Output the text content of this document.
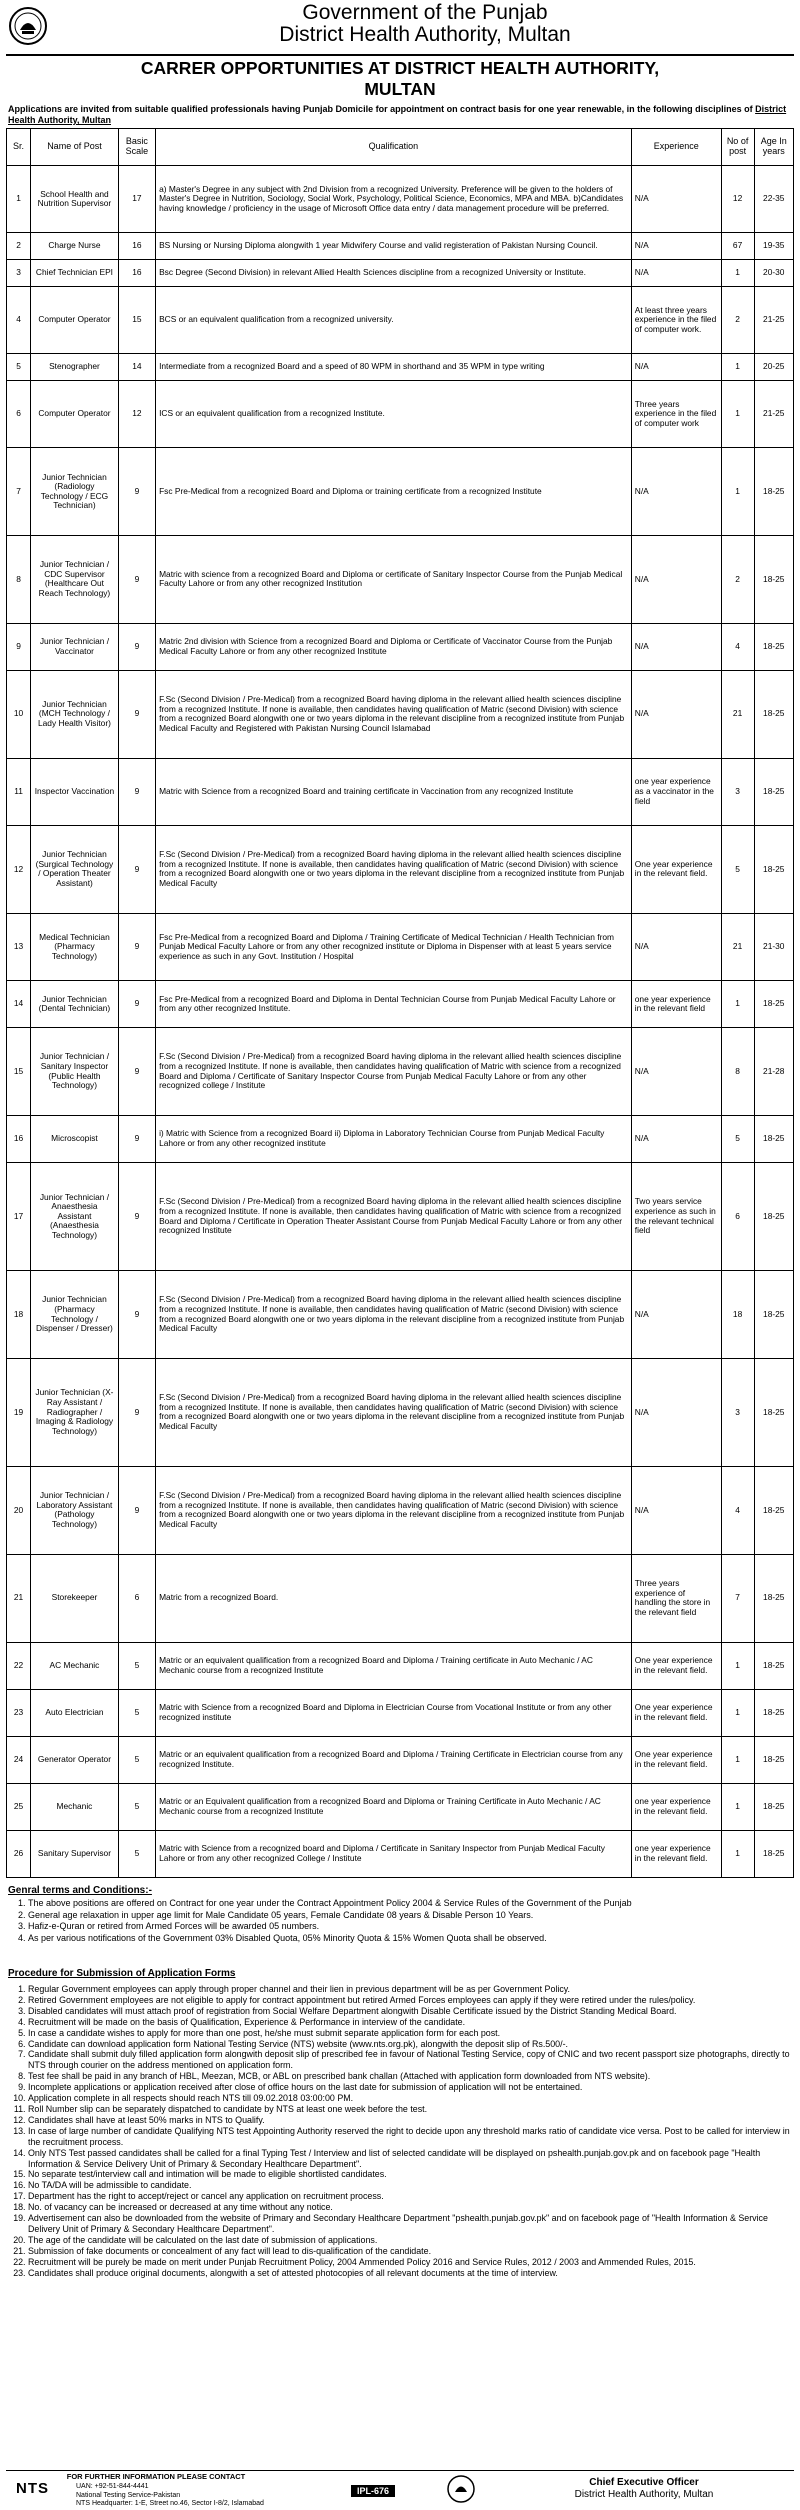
Government of the Punjab
District Health Authority, Multan
CARRER OPPORTUNITIES AT DISTRICT HEALTH AUTHORITY,
MULTAN
Applications are invited from suitable qualified professionals having Punjab Domicile for appointment on contract basis for one year renewable, in the following disciplines of District Health Authority, Multan
Sr.	Name of Post	Basic Scale	Qualification	Experience	No of post	Age In years
1	School Health and Nutrition Supervisor	17	a) Master's Degree in any subject with 2nd Division from a recognized University. Preference will be given to the holders of Master's Degree in Nutrition, Sociology, Social Work, Psychology, Political Science, Economics, MPA and MBA. b)Candidates having knowledge / proficiency in the usage of Microsoft Office data entry / data management procedure will be preferred.	N/A	12	22-35
2	Charge Nurse	16	BS Nursing or Nursing Diploma alongwith 1 year Midwifery Course and valid registeration of Pakistan Nursing Council.	N/A	67	19-35
3	Chief Technician EPI	16	Bsc Degree (Second Division) in relevant Allied Health Sciences discipline from a recognized University or Institute.	N/A	1	20-30
4	Computer Operator	15	BCS or an equivalent qualification from a recognized university.	At least three years experience in the filed of computer work.	2	21-25
5	Stenographer	14	Intermediate from a recognized Board and a speed of 80 WPM in shorthand and 35 WPM in type writing	N/A	1	20-25
6	Computer Operator	12	ICS or an equivalent qualification from a recognized Institute.	Three years experience in the filed of computer work	1	21-25
7	Junior Technician (Radiology Technology / ECG Technician)	9	Fsc Pre-Medical from a recognized Board and Diploma or training certificate from a recognized Institute	N/A	1	18-25
8	Junior Technician / CDC Supervisor (Healthcare Out Reach Technology)	9	Matric with science from a recognized Board and Diploma or certificate of Sanitary Inspector Course from the Punjab Medical Faculty Lahore or from any other recognized Institution	N/A	2	18-25
9	Junior Technician / Vaccinator	9	Matric 2nd division with Science from a recognized Board and Diploma or Certificate of Vaccinator Course from the Punjab Medical Faculty Lahore or from any other recognized Institute	N/A	4	18-25
10	Junior Technician (MCH Technology / Lady Health Visitor)	9	F.Sc (Second Division / Pre-Medical) from a recognized Board having diploma in the relevant allied health sciences discipline from a recognized Institute. If none is available, then candidates having qualification of Matric (second Division) with science from a recognized Board alongwith one or two years diploma in the relevant discipline from a recognized institute from Punjab Medical Faculty and Registered with Pakistan Nursing Council Islamabad	N/A	21	18-25
11	Inspector Vaccination	9	Matric with Science from a recognized Board and training certificate in Vaccination from any recognized Institute	one year experience as a vaccinator in the field	3	18-25
12	Junior Technician (Surgical Technology / Operation Theater Assistant)	9	F.Sc (Second Division / Pre-Medical) from a recognized Board having diploma in the relevant allied health sciences discipline from a recognized Institute. If none is available, then candidates having qualification of Matric (second Division) with science from a recognized Board alongwith one or two years diploma in the relevant discipline from a recognized institute from Punjab Medical Faculty	One year experience in the relevant field.	5	18-25
13	Medical Technician (Pharmacy Technology)	9	Fsc Pre-Medical from a recognized Board and Diploma / Training Certificate of Medical Technician / Health Technician from Punjab Medical Faculty Lahore or from any other recognized institute or Diploma in Dispenser with at least 5 years service experience as such in any Govt. Institution / Hospital	N/A	21	21-30
14	Junior Technician (Dental Technician)	9	Fsc Pre-Medical from a recognized Board and Diploma in Dental Technician Course from Punjab Medical Faculty Lahore or from any other recognized Institute.	one year experience in the relevant field	1	18-25
15	Junior Technician / Sanitary Inspector (Public Health Technology)	9	F.Sc (Second Division / Pre-Medical) from a recognized Board having diploma in the relevant allied health sciences discipline from a recognized Institute. If none is available, then candidates having qualification of Matric with science from a recognized Board and Diploma / Certificate of Sanitary Inspector Course from Punjab Medical Faculty Lahore or from any other recognized college / Institute	N/A	8	21-28
16	Microscopist	9	i) Matric with Science from a recognized Board ii) Diploma in Laboratory Technician Course from Punjab Medical Faculty Lahore or from any other recognized institute	N/A	5	18-25
17	Junior Technician / Anaesthesia Assistant (Anaesthesia Technology)	9	F.Sc (Second Division / Pre-Medical) from a recognized Board having diploma in the relevant allied health sciences discipline from a recognized Institute. If none is available, then candidates having qualification of Matric with science from a recognized Board and Diploma / Certificate in Operation Theater Assistant Course from Punjab Medical Faculty Lahore or from any other recognized Institute	Two years service experience as such in the relevant technical field	6	18-25
18	Junior Technician (Pharmacy Technology / Dispenser / Dresser)	9	F.Sc (Second Division / Pre-Medical) from a recognized Board having diploma in the relevant allied health sciences discipline from a recognized Institute. If none is available, then candidates having qualification of Matric (second Division) with science from a recognized Board alongwith one or two years diploma in the relevant discipline from a recognized institute from Punjab Medical Faculty	N/A	18	18-25
19	Junior Technician (X-Ray Assistant / Radiographer / Imaging & Radiology Technology)	9	F.Sc (Second Division / Pre-Medical) from a recognized Board having diploma in the relevant allied health sciences discipline from a recognized Institute. If none is available, then candidates having qualification of Matric (second Division) with science from a recognized Board alongwith one or two years diploma in the relevant discipline from a recognized institute from Punjab Medical Faculty	N/A	3	18-25
20	Junior Technician / Laboratory Assistant (Pathology Technology)	9	F.Sc (Second Division / Pre-Medical) from a recognized Board having diploma in the relevant allied health sciences discipline from a recognized Institute. If none is available, then candidates having qualification of Matric (second Division) with science from a recognized Board alongwith one or two years diploma in the relevant discipline from a recognized institute from Punjab Medical Faculty	N/A	4	18-25
21	Storekeeper	6	Matric from a recognized Board.	Three years experience of handling the store in the relevant field	7	18-25
22	AC Mechanic	5	Matric or an equivalent qualification from a recognized Board and Diploma / Training certificate in Auto Mechanic / AC Mechanic course from a recognized Institute	One year experience in the relevant field.	1	18-25
23	Auto Electrician	5	Matric with Science from a recognized Board and Diploma in Electrician Course from Vocational Institute or from any other recognized institute	One year experience in the relevant field.	1	18-25
24	Generator Operator	5	Matric or an equivalent qualification from a recognized Board and Diploma / Training Certificate in Electrician course from any recognized Institute.	One year experience in the relevant field.	1	18-25
25	Mechanic	5	Matric or an Equivalent qualification from a recognized Board and Diploma or Training Certificate in Auto Mechanic / AC Mechanic course from a recognized Institute	one year experience in the relevant field.	1	18-25
26	Sanitary Supervisor	5	Matric with Science from a recognized board and Diploma / Certificate in Sanitary Inspector from Punjab Medical Faculty Lahore or from any other recognized College / Institute	one year experience in the relevant field.	1	18-25
Genral terms and Conditions:-
1. The above positions are offered on Contract for one year under the Contract Appointment Policy 2004 & Service Rules of the Government of the Punjab
2. General age relaxation in upper age limit for Male Candidate 05 years, Female Candidate 08 years & Disable Person 10 Years.
3. Hafiz-e-Quran or retired from Armed Forces will be awarded 05 numbers.
4. As per various notifications of the Government 03% Disabled Quota, 05% Minority Quota & 15% Women Quota shall be observed.
Procedure for Submission of Application Forms
1. Regular Government employees can apply through proper channel and their lien in previous department will be as per Government Policy.
2. Retired Government employees are not eligible to apply for contract appointment but retired Armed Forces employees can apply if they were retired under the rules/policy.
3. Disabled candidates will must attach proof of registration from Social Welfare Department alongwith Disable Certificate issued by the District Standing Medical Board.
4. Recruitment will be made on the basis of Qualification, Experience & Performance in interview of the candidate.
5. In case a candidate wishes to apply for more than one post, he/she must submit separate application form for each post.
6. Candidate can download application form National Testing Service (NTS) website (www.nts.org.pk), alongwith the deposit slip of Rs.500/-.
7. Candidate shall submit duly filled application form alongwith deposit slip of prescribed fee in favour of National Testing Service, copy of CNIC and two recent passport size photographs, directly to NTS through courier on the address mentioned on application form.
8. Test fee shall be paid in any branch of HBL, Meezan, MCB, or ABL on prescribed bank challan (Attached with application form downloaded from NTS website).
9. Incomplete applications or application received after close of office hours on the last date for submission of application will not be entertained.
10. Application complete in all respects should reach NTS till 09.02.2018 03:00:00 PM.
11. Roll Number slip can be separately dispatched to candidate by NTS at least one week before the test.
12. Candidates shall have at least 50% marks in NTS to Qualify.
13. In case of large number of candidate Qualifying NTS test Appointing Authority reserved the right to decide upon any threshold marks ratio of candidate vice versa. Post to be called for interview in the recruitment process.
14. Only NTS Test passed candidates shall be called for a final Typing Test / Interview and list of selected candidate will be displayed on pshealth.punjab.gov.pk and on facebook page "Health Information & Service Delivery Unit of Primary & Secondary Healthcare Department".
15. No separate test/interview call and intimation will be made to eligible shortlisted candidates.
16. No TA/DA will be admissible to candidate.
17. Department has the right to accept/reject or cancel any application on recruitment process.
18. No. of vacancy can be increased or decreased at any time without any notice.
19. Advertisement can also be downloaded from the website of Primary and Secondary Healthcare Department "pshealth.punjab.gov.pk" and on facebook page of "Health Information & Service Delivery Unit of Primary & Secondary Healthcare Department".
20. The age of the candidate will be calculated on the last date of submission of applications.
21. Submission of fake documents or concealment of any fact will lead to dis-qualification of the candidate.
22. Recruitment will be purely be made on merit under Punjab Recruitment Policy, 2004 Ammended Policy 2016 and Service Rules, 2012 / 2003 and Ammended Rules, 2015.
23. Candidates shall produce original documents, alongwith a set of attested photocopies of all relevant documents at the time of interview.
FOR FURTHER INFORMATION PLEASE CONTACT
NTS	UAN: +92-51-844-4441
National Testing Service-Pakistan
NTS Headquarter: 1-E, Street no.46, Sector I-8/2, Islamabad
IPL-676
Chief Executive Officer
District Health Authority, Multan
